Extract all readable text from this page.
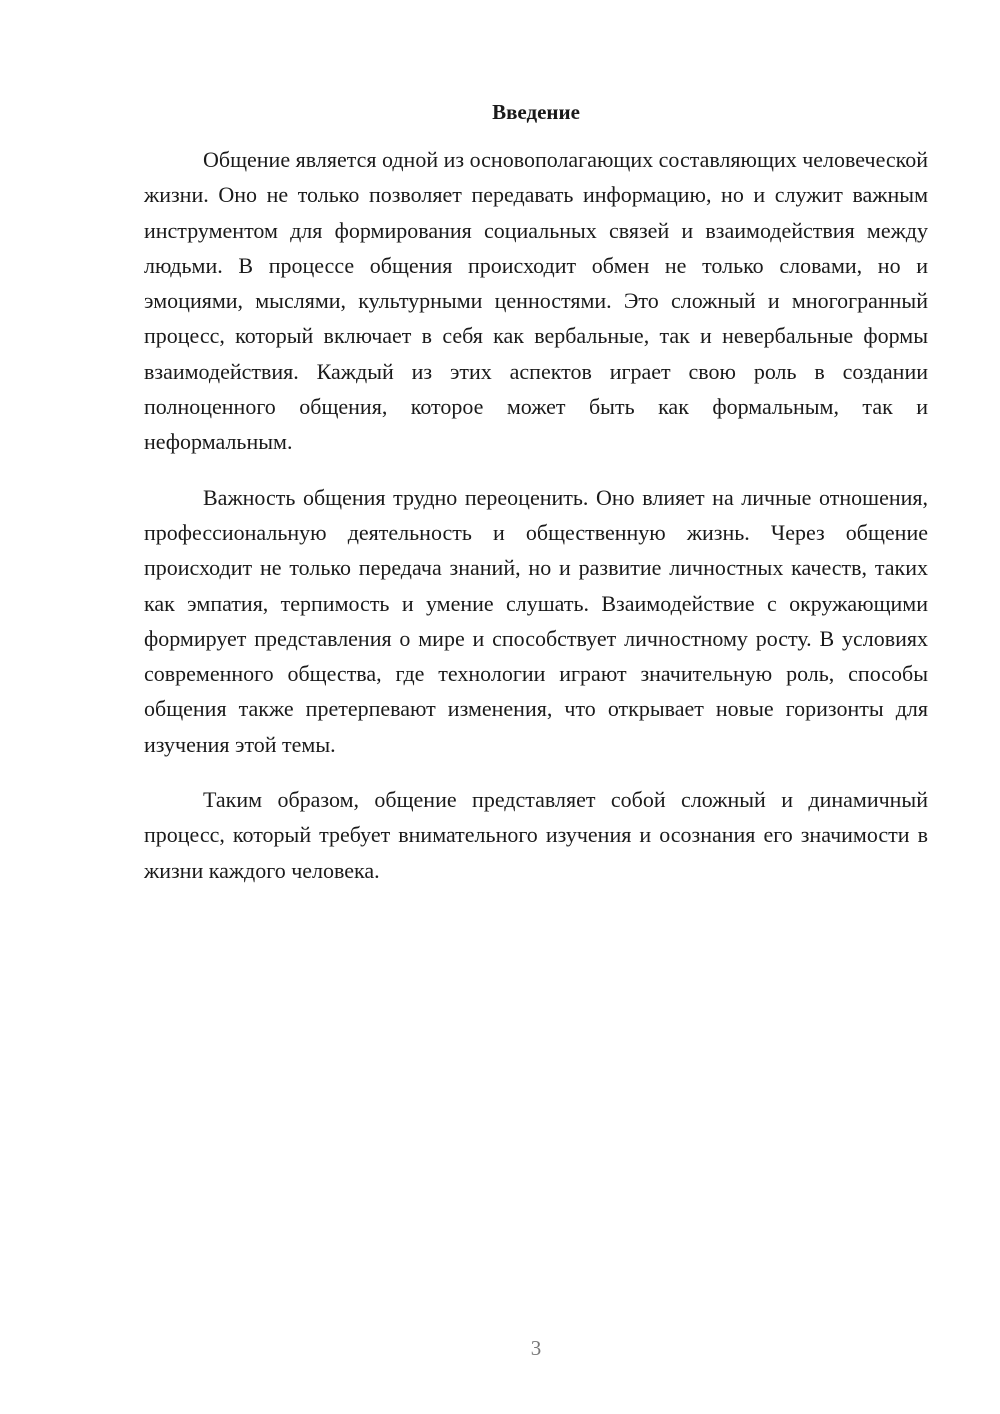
Введение

Общение является одной из основополагающих составляющих человеческой жизни. Оно не только позволяет передавать информацию, но и служит важным инструментом для формирования социальных связей и взаимодействия между людьми. В процессе общения происходит обмен не только словами, но и эмоциями, мыслями, культурными ценностями. Это сложный и многогранный процесс, который включает в себя как вербальные, так и невербальные формы взаимодействия. Каждый из этих аспектов играет свою роль в создании полноценного общения, которое может быть как формальным, так и неформальным.

Важность общения трудно переоценить. Оно влияет на личные отношения, профессиональную деятельность и общественную жизнь. Через общение происходит не только передача знаний, но и развитие личностных качеств, таких как эмпатия, терпимость и умение слушать. Взаимодействие с окружающими формирует представления о мире и способствует личностному росту. В условиях современного общества, где технологии играют значительную роль, способы общения также претерпевают изменения, что открывает новые горизонты для изучения этой темы.

Таким образом, общение представляет собой сложный и динамичный процесс, который требует внимательного изучения и осознания его значимости в жизни каждого человека.

3
